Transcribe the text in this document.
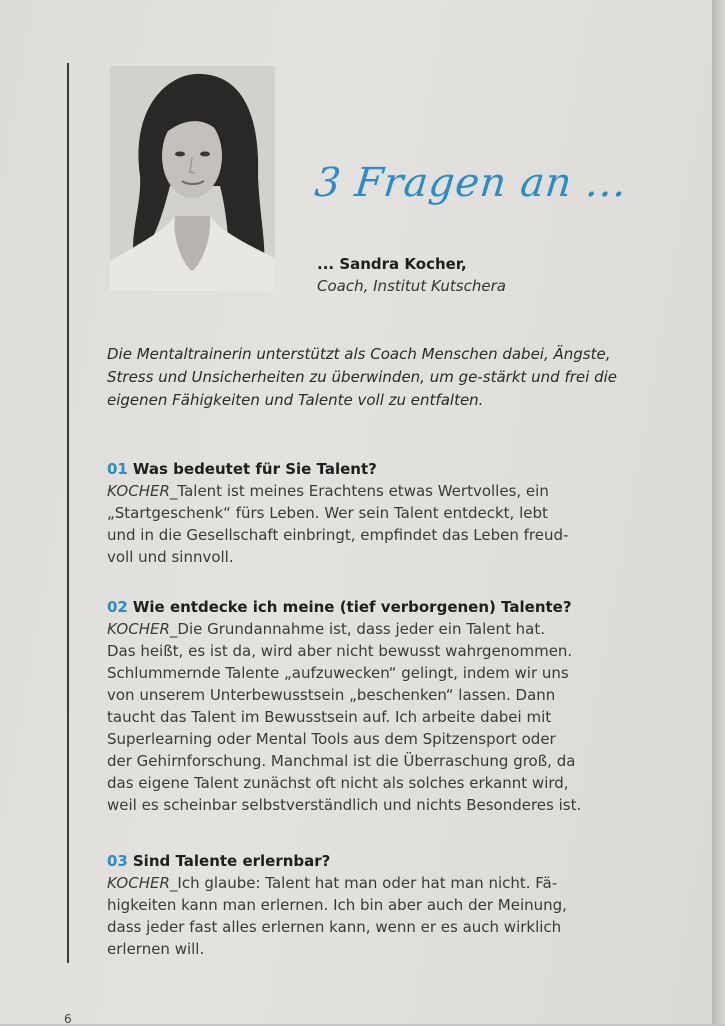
3 Fragen an ...
... Sandra Kocher,
Coach, Institut Kutschera

Die Mentaltrainerin unterstützt als Coach Menschen dabei, Ängste, Stress und Unsicherheiten zu überwinden, um ge-stärkt und frei die eigenen Fähigkeiten und Talente voll zu entfalten.

01 Was bedeutet für Sie Talent?

KOCHER_Talent ist meines Erachtens etwas Wertvolles, ein
„Startgeschenk“ fürs Leben. Wer sein Talent entdeckt, lebt
und in die Gesellschaft einbringt, empfindet das Leben freud-
voll und sinnvoll.

02 Wie entdecke ich meine (tief verborgenen) Talente?

KOCHER_Die Grundannahme ist, dass jeder ein Talent hat.
Das heißt, es ist da, wird aber nicht bewusst wahrgenommen.
Schlummernde Talente „aufzuwecken“ gelingt, indem wir uns
von unserem Unterbewusstsein „beschenken“ lassen. Dann
taucht das Talent im Bewusstsein auf. Ich arbeite dabei mit
Superlearning oder Mental Tools aus dem Spitzensport oder
der Gehirnforschung. Manchmal ist die Überraschung groß, da
das eigene Talent zunächst oft nicht als solches erkannt wird,
weil es scheinbar selbstverständlich und nichts Besonderes ist.

03 Sind Talente erlernbar?

KOCHER_Ich glaube: Talent hat man oder hat man nicht. Fä-
higkeiten kann man erlernen. Ich bin aber auch der Meinung,
dass jeder fast alles erlernen kann, wenn er es auch wirklich
erlernen will.

6
